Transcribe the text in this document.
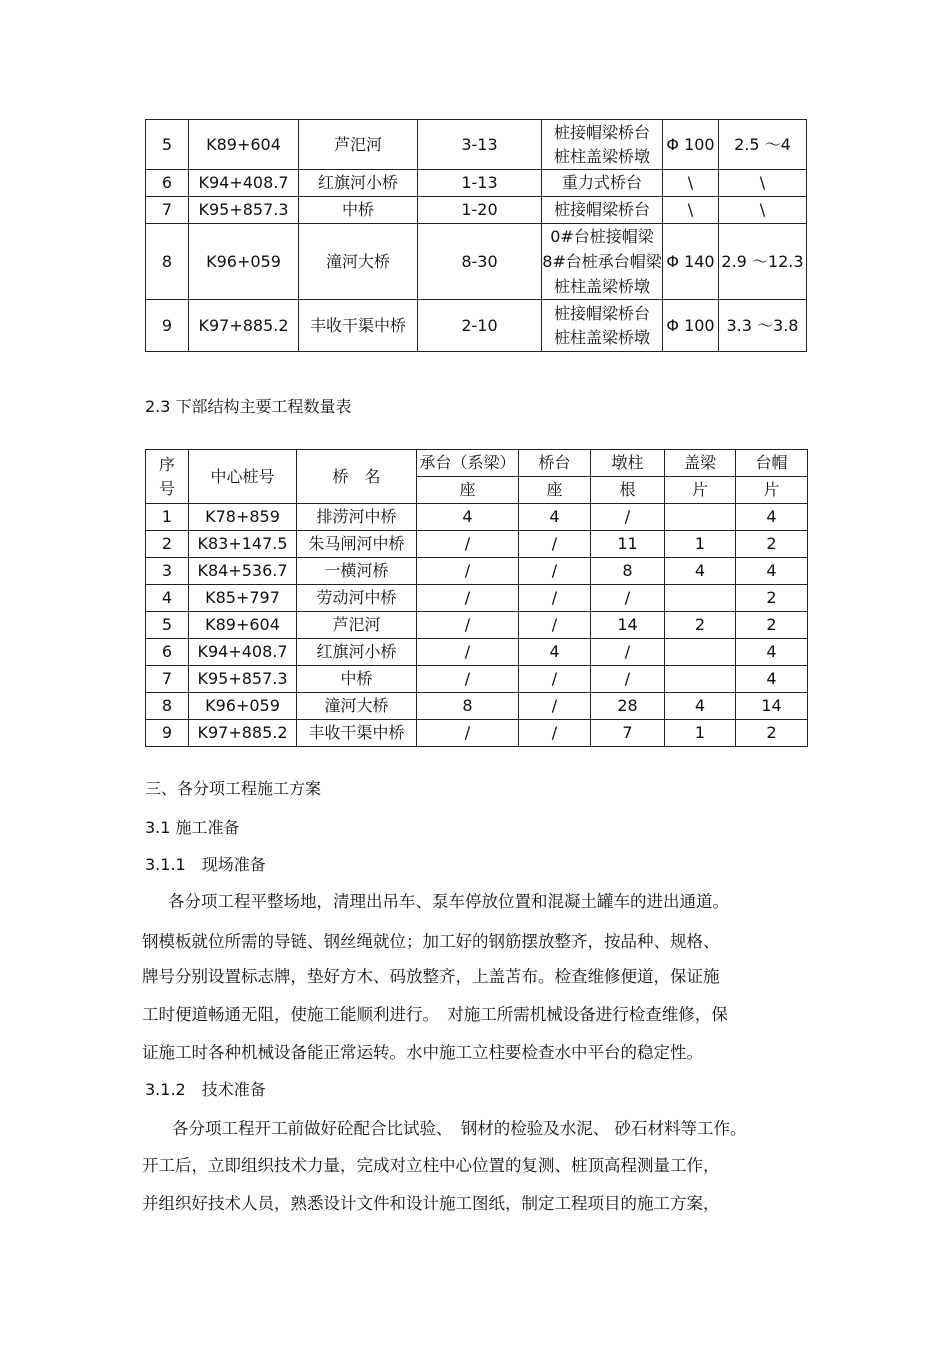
5	K89+604	芦汜河	3-13	桩接帽梁桥台
桩柱盖梁桥墩	Φ 100	2.5 ～4
6	K94+408.7	红旗河小桥	1-13	重力式桥台	\	\
7	K95+857.3	中桥	1-20	桩接帽梁桥台	\	\
8	K96+059	潼河大桥	8-30	0#台桩接帽梁
8#台桩承台帽梁
桩柱盖梁桥墩	Φ 140	2.9 ～12.3
9	K97+885.2	丰收干渠中桥	2-10	桩接帽梁桥台
桩柱盖梁桥墩	Φ 100	3.3 ～3.8
2.3 下部结构主要工程数量表
序号	中心桩号	桥　名	承台（系梁）	桥台	墩柱	盖梁	台帽
			座	座	根	片	片
1	K78+859	排涝河中桥	4	4	/		4
2	K83+147.5	朱马闸河中桥	/	/	11	1	2
3	K84+536.7	一横河桥	/	/	8	4	4
4	K85+797	劳动河中桥	/	/	/		2
5	K89+604	芦汜河	/	/	14	2	2
6	K94+408.7	红旗河小桥	/	4	/		4
7	K95+857.3	中桥	/	/	/		4
8	K96+059	潼河大桥	8	/	28	4	14
9	K97+885.2	丰收干渠中桥	/	/	7	1	2
三、各分项工程施工方案
3.1 施工准备
3.1.1　现场准备
各分项工程平整场地，清理出吊车、泵车停放位置和混凝土罐车的进出通道。
钢模板就位所需的导链、钢丝绳就位；加工好的钢筋摆放整齐，按品种、规格、
牌号分别设置标志牌，垫好方木、码放整齐，上盖苫布。检查维修便道，保证施
工时便道畅通无阻，使施工能顺利进行。　对施工所需机械设备进行检查维修，保
证施工时各种机械设备能正常运转。水中施工立柱要检查水中平台的稳定性。
3.1.2　技术准备
各分项工程开工前做好砼配合比试验、　钢材的检验及水泥、 砂石材料等工作。
开工后，立即组织技术力量，完成对立柱中心位置的复测、桩顶高程测量工作，
并组织好技术人员，熟悉设计文件和设计施工图纸，制定工程项目的施工方案，
